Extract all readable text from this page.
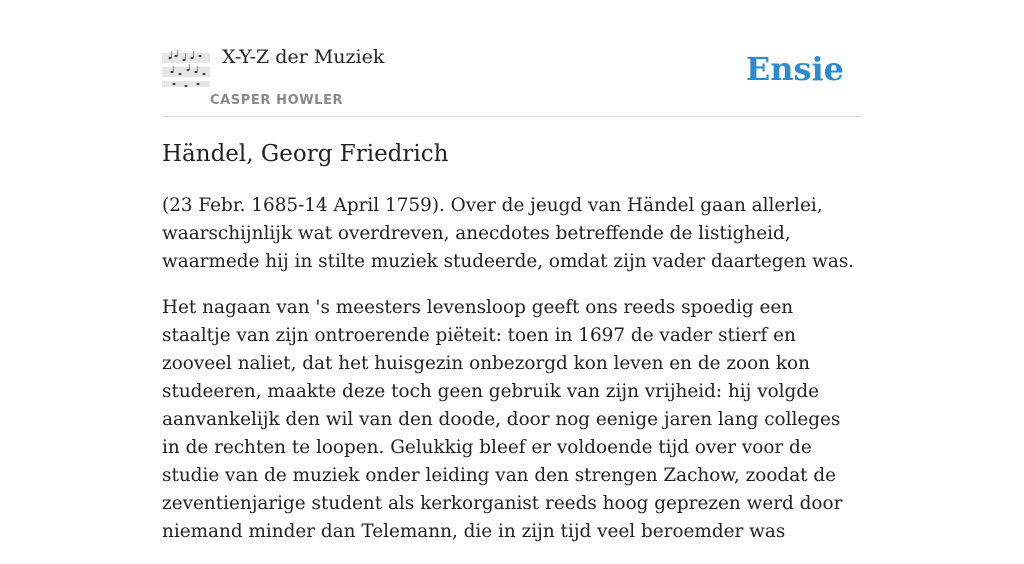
X-Y-Z der Muziek
CASPER HOWLER
Ensie
Händel, Georg Friedrich

(23 Febr. 1685-14 April 1759). Over de jeugd van Händel gaan allerlei, waarschijnlijk wat overdreven, anecdotes betreffende de listigheid, waarmede hij in stilte muziek studeerde, omdat zijn vader daartegen was.

Het nagaan van 's meesters levensloop geeft ons reeds spoedig een staaltje van zijn ontroerende piëteit: toen in 1697 de vader stierf en zooveel naliet, dat het huisgezin onbezorgd kon leven en de zoon kon studeeren, maakte deze toch geen gebruik van zijn vrijheid: hij volgde aanvankelijk den wil van den doode, door nog eenige jaren lang colleges in de rechten te loopen. Gelukkig bleef er voldoende tijd over voor de studie van de muziek onder leiding van den strengen Zachow, zoodat de zeventienjarige student als kerkorganist reeds hoog geprezen werd door niemand minder dan Telemann, die in zijn tijd veel beroemder was
